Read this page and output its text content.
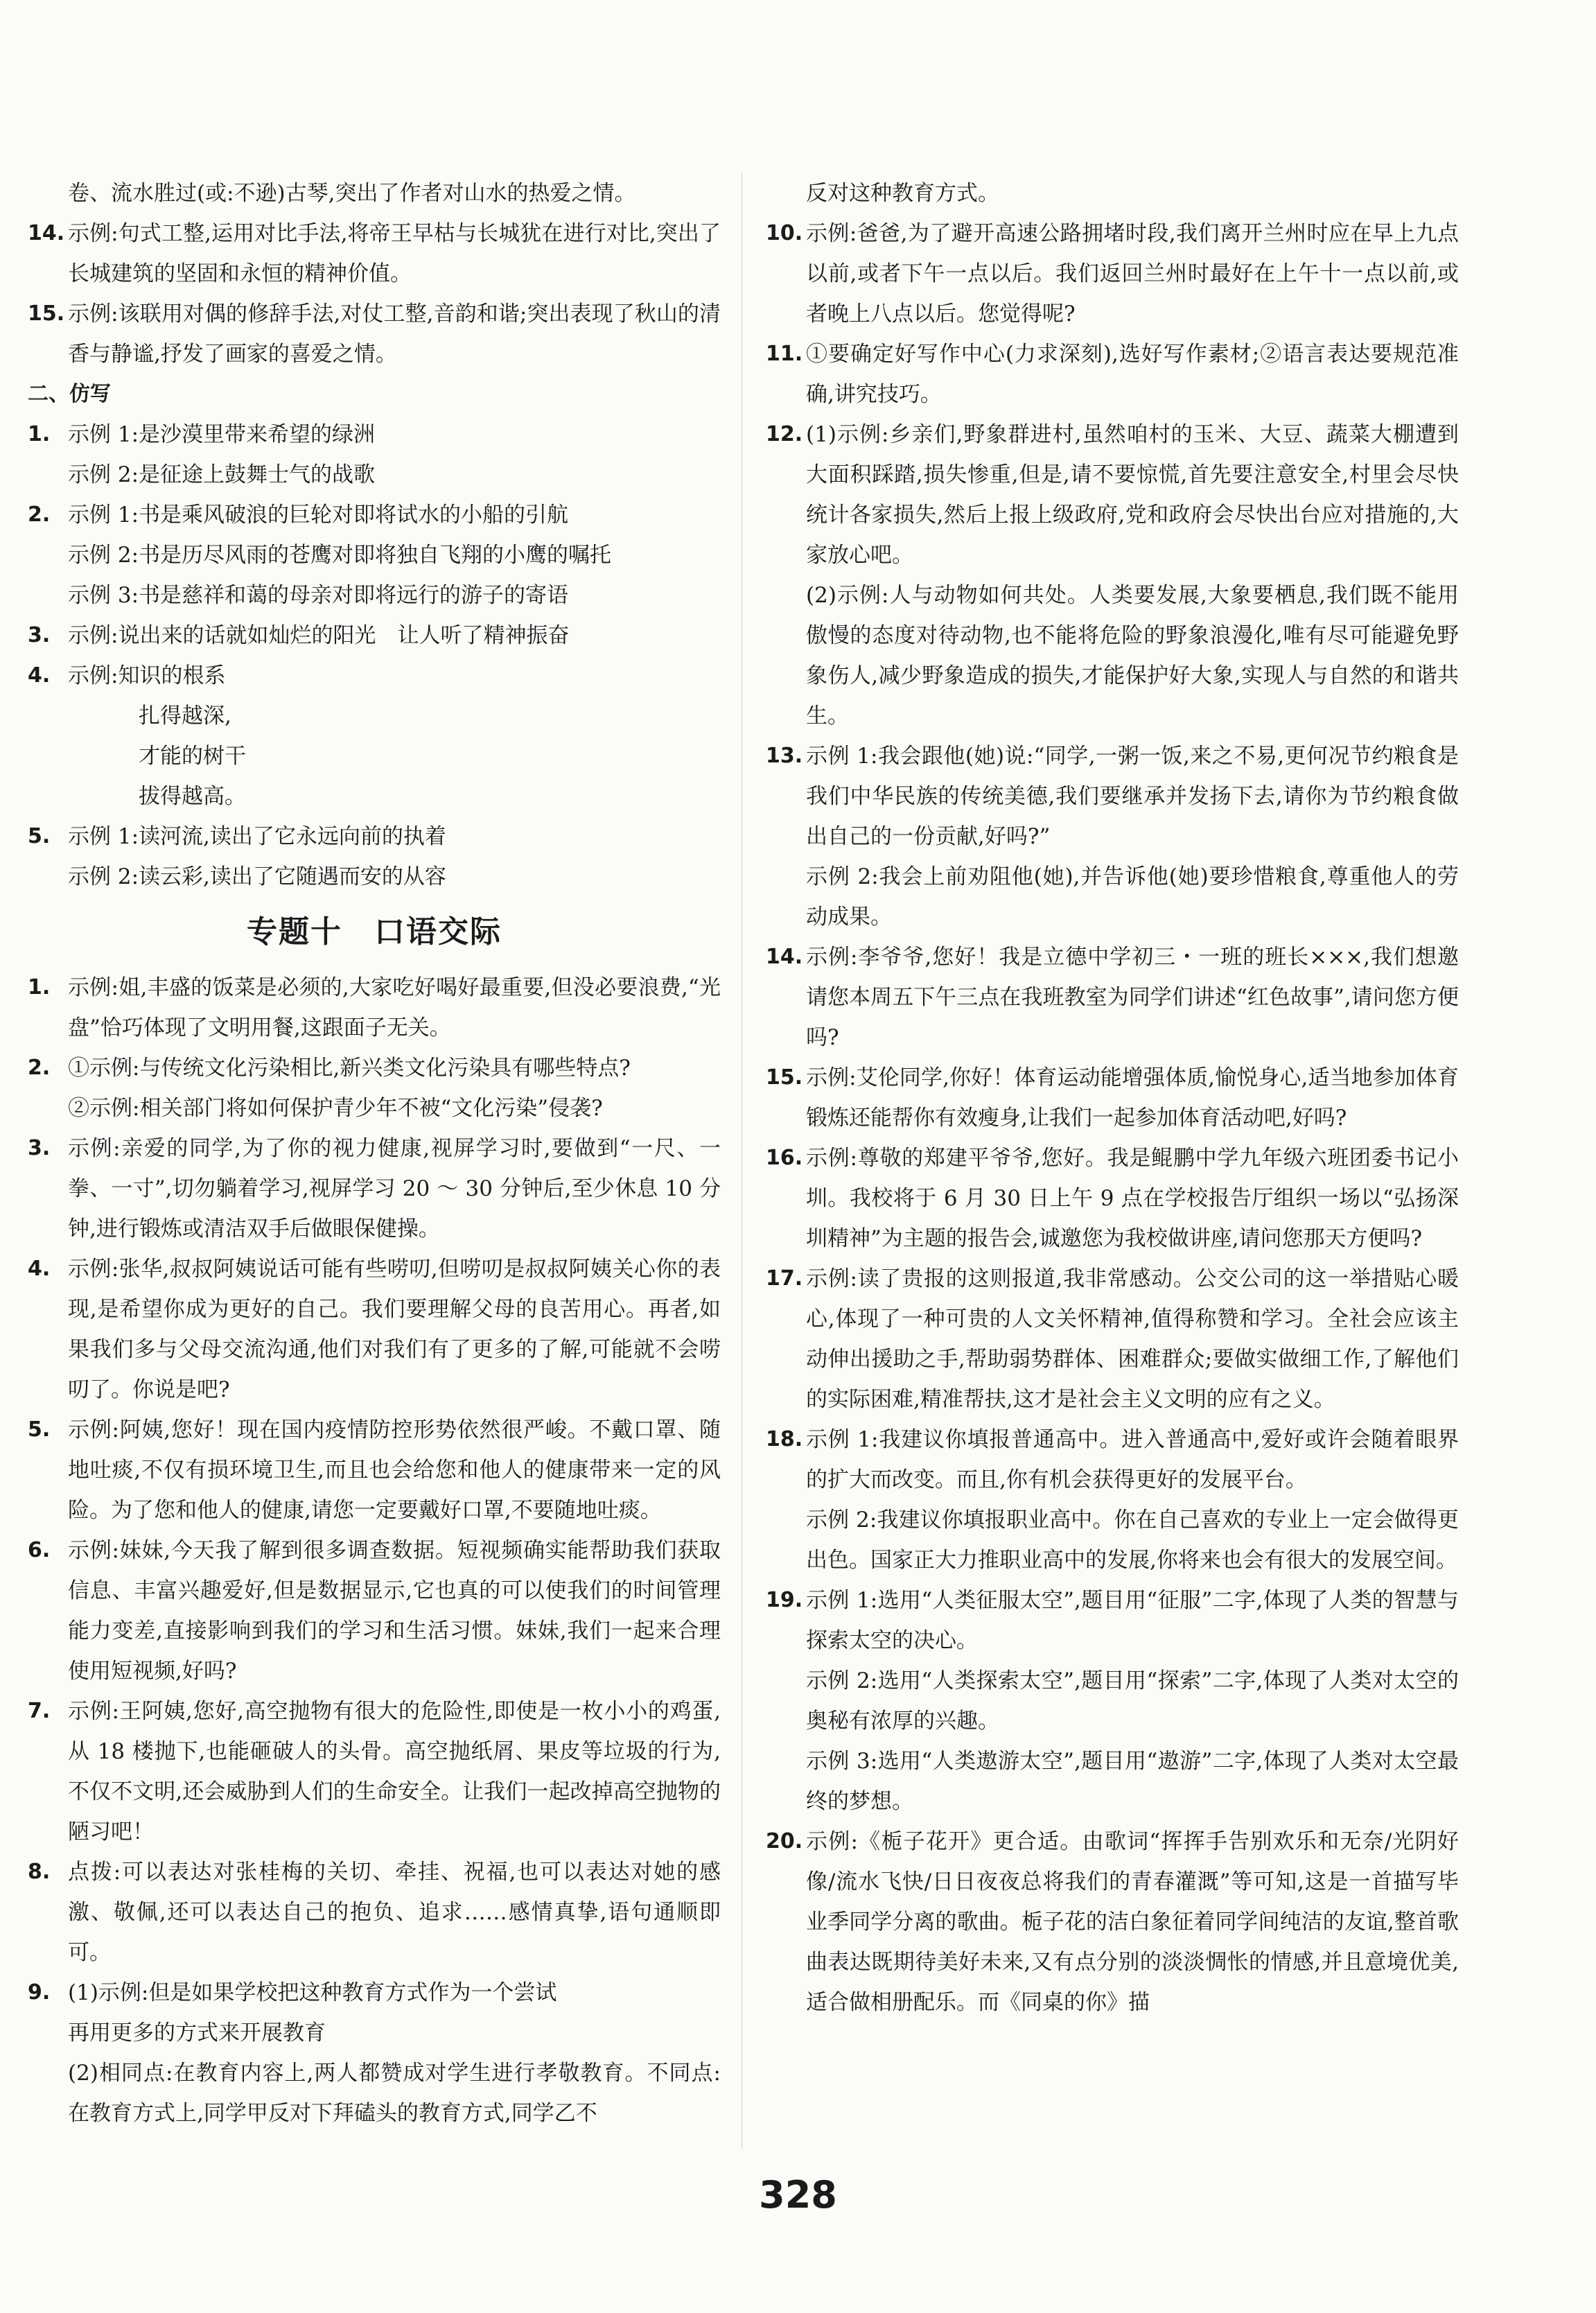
卷、流水胜过(或:不逊)古琴,突出了作者对山水的热爱之情。

14. 示例:句式工整,运用对比手法,将帝王早枯与长城犹在进行对比,突出了长城建筑的坚固和永恒的精神价值。
15. 示例:该联用对偶的修辞手法,对仗工整,音韵和谐;突出表现了秋山的清香与静谧,抒发了画家的喜爱之情。
二、仿写
1. 示例 1:是沙漠里带来希望的绿洲

示例 2:是征途上鼓舞士气的战歌

2. 示例 1:书是乘风破浪的巨轮对即将试水的小船的引航

示例 2:书是历尽风雨的苍鹰对即将独自飞翔的小鹰的嘱托

示例 3:书是慈祥和蔼的母亲对即将远行的游子的寄语

3. 示例:说出来的话就如灿烂的阳光　让人听了精神振奋
4. 示例:知识的根系

扎得越深,

才能的树干

拔得越高。

5. 示例 1:读河流,读出了它永远向前的执着

示例 2:读云彩,读出了它随遇而安的从容

专题十　口语交际
1. 示例:姐,丰盛的饭菜是必须的,大家吃好喝好最重要,但没必要浪费,“光盘”恰巧体现了文明用餐,这跟面子无关。
2. ①示例:与传统文化污染相比,新兴类文化污染具有哪些特点?

②示例:相关部门将如何保护青少年不被“文化污染”侵袭?

3. 示例:亲爱的同学,为了你的视力健康,视屏学习时,要做到“一尺、一拳、一寸”,切勿躺着学习,视屏学习 20 ～ 30 分钟后,至少休息 10 分钟,进行锻炼或清洁双手后做眼保健操。
4. 示例:张华,叔叔阿姨说话可能有些唠叨,但唠叨是叔叔阿姨关心你的表现,是希望你成为更好的自己。我们要理解父母的良苦用心。再者,如果我们多与父母交流沟通,他们对我们有了更多的了解,可能就不会唠叨了。你说是吧?
5. 示例:阿姨,您好！现在国内疫情防控形势依然很严峻。不戴口罩、随地吐痰,不仅有损环境卫生,而且也会给您和他人的健康带来一定的风险。为了您和他人的健康,请您一定要戴好口罩,不要随地吐痰。
6. 示例:妹妹,今天我了解到很多调查数据。短视频确实能帮助我们获取信息、丰富兴趣爱好,但是数据显示,它也真的可以使我们的时间管理能力变差,直接影响到我们的学习和生活习惯。妹妹,我们一起来合理使用短视频,好吗?
7. 示例:王阿姨,您好,高空抛物有很大的危险性,即使是一枚小小的鸡蛋,从 18 楼抛下,也能砸破人的头骨。高空抛纸屑、果皮等垃圾的行为,不仅不文明,还会威胁到人们的生命安全。让我们一起改掉高空抛物的陋习吧！
8. 点拨:可以表达对张桂梅的关切、牵挂、祝福,也可以表达对她的感激、敬佩,还可以表达自己的抱负、追求……感情真挚,语句通顺即可。
9. (1)示例:但是如果学校把这种教育方式作为一个尝试

再用更多的方式来开展教育

(2)相同点:在教育内容上,两人都赞成对学生进行孝敬教育。不同点:在教育方式上,同学甲反对下拜磕头的教育方式,同学乙不

反对这种教育方式。

10. 示例:爸爸,为了避开高速公路拥堵时段,我们离开兰州时应在早上九点以前,或者下午一点以后。我们返回兰州时最好在上午十一点以前,或者晚上八点以后。您觉得呢?
11. ①要确定好写作中心(力求深刻),选好写作素材;②语言表达要规范准确,讲究技巧。
12. (1)示例:乡亲们,野象群进村,虽然咱村的玉米、大豆、蔬菜大棚遭到大面积踩踏,损失惨重,但是,请不要惊慌,首先要注意安全,村里会尽快统计各家损失,然后上报上级政府,党和政府会尽快出台应对措施的,大家放心吧。

(2)示例:人与动物如何共处。人类要发展,大象要栖息,我们既不能用傲慢的态度对待动物,也不能将危险的野象浪漫化,唯有尽可能避免野象伤人,减少野象造成的损失,才能保护好大象,实现人与自然的和谐共生。

13. 示例 1:我会跟他(她)说:“同学,一粥一饭,来之不易,更何况节约粮食是我们中华民族的传统美德,我们要继承并发扬下去,请你为节约粮食做出自己的一份贡献,好吗?”

示例 2:我会上前劝阻他(她),并告诉他(她)要珍惜粮食,尊重他人的劳动成果。

14. 示例:李爷爷,您好！我是立德中学初三・一班的班长×××,我们想邀请您本周五下午三点在我班教室为同学们讲述“红色故事”,请问您方便吗?
15. 示例:艾伦同学,你好！体育运动能增强体质,愉悦身心,适当地参加体育锻炼还能帮你有效瘦身,让我们一起参加体育活动吧,好吗?
16. 示例:尊敬的郑建平爷爷,您好。我是鲲鹏中学九年级六班团委书记小圳。我校将于 6 月 30 日上午 9 点在学校报告厅组织一场以“弘扬深圳精神”为主题的报告会,诚邀您为我校做讲座,请问您那天方便吗?
17. 示例:读了贵报的这则报道,我非常感动。公交公司的这一举措贴心暖心,体现了一种可贵的人文关怀精神,值得称赞和学习。全社会应该主动伸出援助之手,帮助弱势群体、困难群众;要做实做细工作,了解他们的实际困难,精准帮扶,这才是社会主义文明的应有之义。
18. 示例 1:我建议你填报普通高中。进入普通高中,爱好或许会随着眼界的扩大而改变。而且,你有机会获得更好的发展平台。

示例 2:我建议你填报职业高中。你在自己喜欢的专业上一定会做得更出色。国家正大力推职业高中的发展,你将来也会有很大的发展空间。

19. 示例 1:选用“人类征服太空”,题目用“征服”二字,体现了人类的智慧与探索太空的决心。

示例 2:选用“人类探索太空”,题目用“探索”二字,体现了人类对太空的奥秘有浓厚的兴趣。

示例 3:选用“人类遨游太空”,题目用“遨游”二字,体现了人类对太空最终的梦想。

20. 示例:《栀子花开》更合适。由歌词“挥挥手告别欢乐和无奈/光阴好像/流水飞快/日日夜夜总将我们的青春灌溉”等可知,这是一首描写毕业季同学分离的歌曲。栀子花的洁白象征着同学间纯洁的友谊,整首歌曲表达既期待美好未来,又有点分别的淡淡惆怅的情感,并且意境优美,适合做相册配乐。而《同桌的你》描
328
